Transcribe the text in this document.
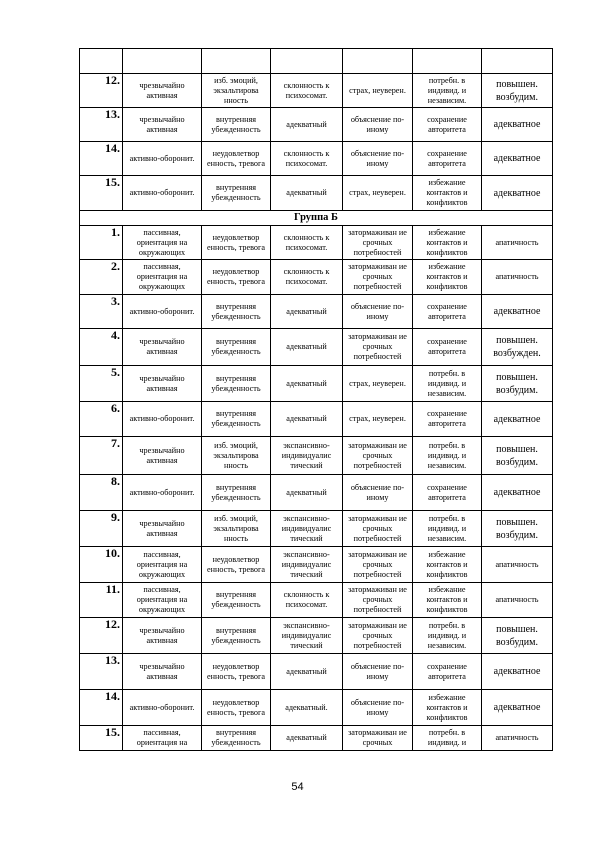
12.	чрезвычайно активная	изб. эмоций, экзальтирова нность	склонность к психосомат.	страх, неуверен.	потребн. в индивид. и независим.	повышен. возбудим.
13.	чрезвычайно активная	внутренняя убежденность	адекватный	объяснение по-иному	сохранение авторитета	адекватное
14.	активно-оборонит.	неудовлетвор енность, тревога	склонность к психосомат.	объяснение по-иному	сохранение авторитета	адекватное
15.	активно-оборонит.	внутренняя убежденность	адекватный	страх, неуверен.	избежание контактов и конфликтов	адекватное
Группа Б						
1.	пассивная, ориентация на окружающих	неудовлетвор енность, тревога	склонность к психосомат.	затормаживан ие срочных потребностей	избежание контактов и конфликтов	апатичность
2.	пассивная, ориентация на окружающих	неудовлетвор енность, тревога	склонность к психосомат.	затормаживан ие срочных потребностей	избежание контактов и конфликтов	апатичность
3.	активно-оборонит.	внутренняя убежденность	адекватный	объяснение по-иному	сохранение авторитета	адекватное
4.	чрезвычайно активная	внутренняя убежденность	адекватный	затормаживан ие срочных потребностей	сохранение авторитета	повышен. возбужден.
5.	чрезвычайно активная	внутренняя убежденность	адекватный	страх, неуверен.	потребн. в индивид. и независим.	повышен. возбудим.
6.	активно-оборонит.	внутренняя убежденность	адекватный	страх, неуверен.	сохранение авторитета	адекватное
7.	чрезвычайно активная	изб. эмоций, экзальтирова нность	экспансивно-индивидуалис тический	затормаживан ие срочных потребностей	потребн. в индивид. и независим.	повышен. возбудим.
8.	активно-оборонит.	внутренняя убежденность	адекватный	объяснение по-иному	сохранение авторитета	адекватное
9.	чрезвычайно активная	изб. эмоций, экзальтирова нность	экспансивно-индивидуалис тический	затормаживан ие срочных потребностей	потребн. в индивид. и независим.	повышен. возбудим.
10.	пассивная, ориентация на окружающих	неудовлетвор енность, тревога	экспансивно-индивидуалис тический	затормаживан ие срочных потребностей	избежание контактов и конфликтов	апатичность
11.	пассивная, ориентация на окружающих	внутренняя убежденность	склонность к психосомат.	затормаживан ие срочных потребностей	избежание контактов и конфликтов	апатичность
12.	чрезвычайно активная	внутренняя убежденность	экспансивно-индивидуалис тический	затормаживан ие срочных потребностей	потребн. в индивид. и независим.	повышен. возбудим.
13.	чрезвычайно активная	неудовлетвор енность, тревога	адекватный	объяснение по-иному	сохранение авторитета	адекватное
14.	активно-оборонит.	неудовлетвор енность, тревога	адекватный.	объяснение по-иному	избежание контактов и конфликтов	адекватное
15.	пассивная, ориентация на	внутренняя убежденность	адекватный	затормаживан ие срочных	потребн. в индивид. и	апатичность
54
